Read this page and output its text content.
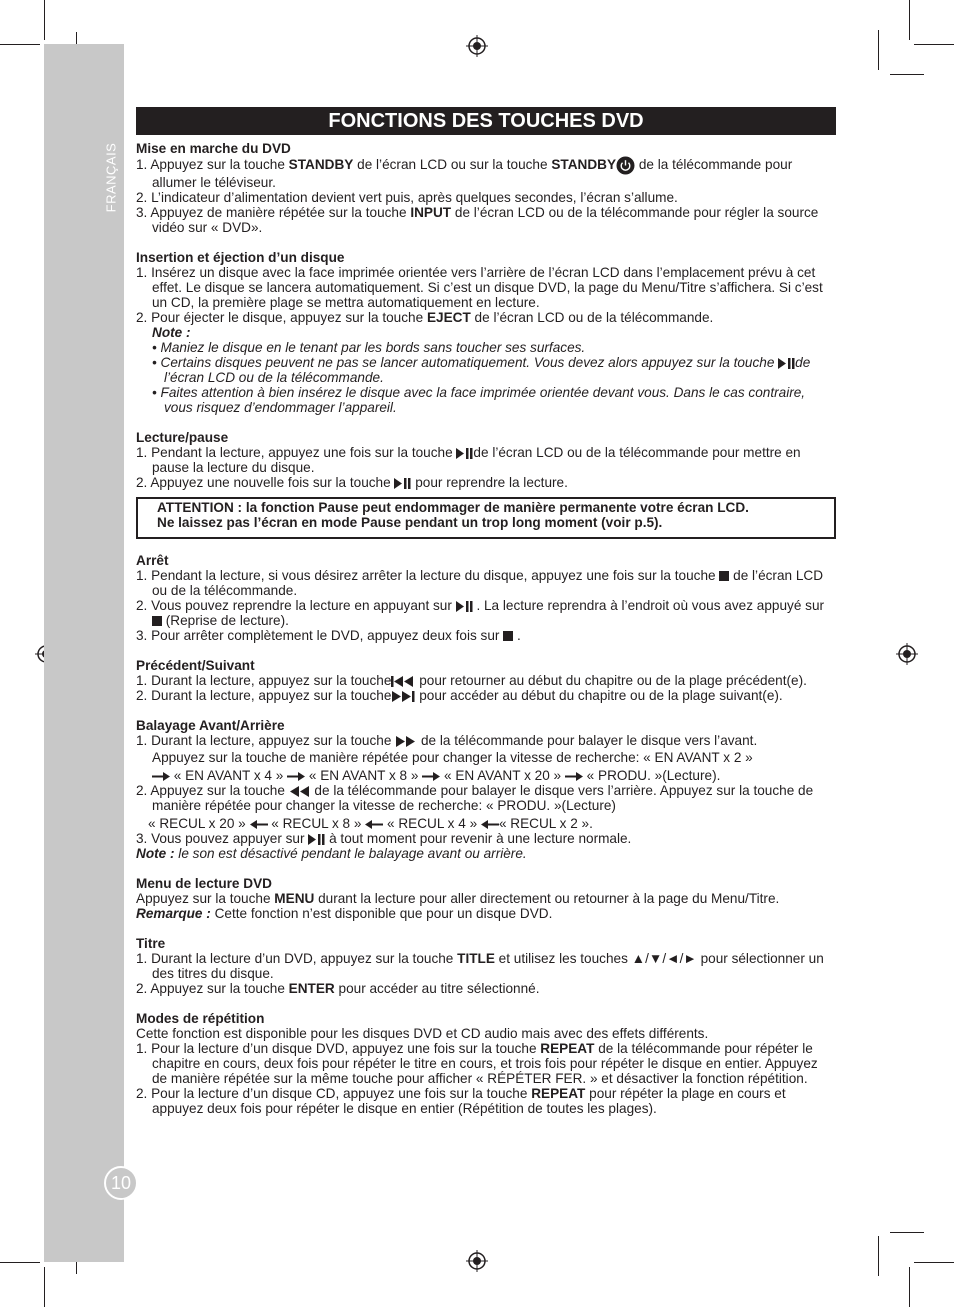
FRANÇAIS
10
FONCTIONS DES TOUCHES DVD

Mise en marche du DVD

1. Appuyez sur la touche STANDBY de l’écran LCD ou sur la touche STANDBY de la télécommande pour allumer le téléviseur.

2. L’indicateur d’alimentation devient vert puis, après quelques secondes, l’écran s’allume.

3. Appuyez de manière répétée sur la touche INPUT de l’écran LCD ou de la télécommande pour régler la source vidéo sur « DVD».

Insertion et éjection d’un disque

1. Insérez un disque avec la face imprimée orientée vers l’arrière de l’écran LCD dans l’emplacement prévu à cet effet. Le disque se lancera automatiquement. Si c’est un disque DVD, la page du Menu/Titre s’affichera. Si c’est un CD, la première plage se mettra automatiquement en lecture.

2. Pour éjecter le disque, appuyez sur la touche EJECT de l’écran LCD ou de la télécommande.

Note :

• Maniez le disque en le tenant par les bords sans toucher ses surfaces.

• Certains disques peuvent ne pas se lancer automatiquement. Vous devez alors appuyez sur la touche de l’écran LCD ou de la télécommande.

• Faites attention à bien insérez le disque avec la face imprimée orientée devant vous. Dans le cas contraire, vous risquez d’endommager l’appareil.

Lecture/pause

1. Pendant la lecture, appuyez une fois sur la touche de l’écran LCD ou de la télécommande pour mettre en pause la lecture du disque.

2. Appuyez une nouvelle fois sur la touche  pour reprendre la lecture.

ATTENTION : la fonction Pause peut endommager de manière permanente votre écran LCD.

Ne laissez pas l’écran en mode Pause pendant un trop long moment (voir p.5).

Arrêt

1. Pendant la lecture, si vous désirez arrêter la lecture du disque, appuyez une fois sur la touche  de l’écran LCD ou de la télécommande.

2. Vous pouvez reprendre la lecture en appuyant sur  . La lecture reprendra à l’endroit où vous avez appuyé sur  (Reprise de lecture).

3. Pour arrêter complètement le DVD, appuyez deux fois sur  .

Précédent/Suivant

1. Durant la lecture, appuyez sur la touche pour retourner au début du chapitre ou de la plage précédent(e).

2. Durant la lecture, appuyez sur la touche pour accéder au début du chapitre ou de la plage suivant(e).

Balayage Avant/Arrière

1. Durant la lecture, appuyez sur la touche  de la télécommande pour balayer le disque vers l’avant.

Appuyez sur la touche de manière répétée pour changer la vitesse de recherche: « EN AVANT x 2 »

« EN AVANT x 4 »  « EN AVANT x 8 »  « EN AVANT x 20 »  « PRODU. »(Lecture).

2. Appuyez sur la touche  de la télécommande pour balayer le disque vers l’arrière. Appuyez sur la touche de manière répétée pour changer la vitesse de recherche: « PRODU. »(Lecture)

« RECUL x 20 »  « RECUL x 8 »  « RECUL x 4 » « RECUL x 2 ».

3. Vous pouvez appuyer sur  à tout moment pour revenir à une lecture normale.

Note : le son est désactivé pendant le balayage avant ou arrière.

Menu de lecture DVD

Appuyez sur la touche MENU durant la lecture pour aller directement ou retourner à la page du Menu/Titre. Remarque : Cette fonction n’est disponible que pour un disque DVD.

Titre

1. Durant la lecture d’un DVD, appuyez sur la touche TITLE et utilisez les touches ▲/▼/◄/► pour sélectionner un des titres du disque.

2. Appuyez sur la touche ENTER pour accéder au titre sélectionné.

Modes de répétition

Cette fonction est disponible pour les disques DVD et CD audio mais avec des effets différents.

1. Pour la lecture d’un disque DVD, appuyez une fois sur la touche REPEAT de la télécommande pour répéter le chapitre en cours, deux fois pour répéter le titre en cours, et trois fois pour répéter le disque en entier. Appuyez de manière répétée sur la même touche pour afficher « RÉPÉTER FER. » et désactiver la fonction répétition.

2. Pour la lecture d’un disque CD, appuyez une fois sur la touche REPEAT pour répéter la plage en cours et appuyez deux fois pour répéter le disque en entier (Répétition de toutes les plages).
